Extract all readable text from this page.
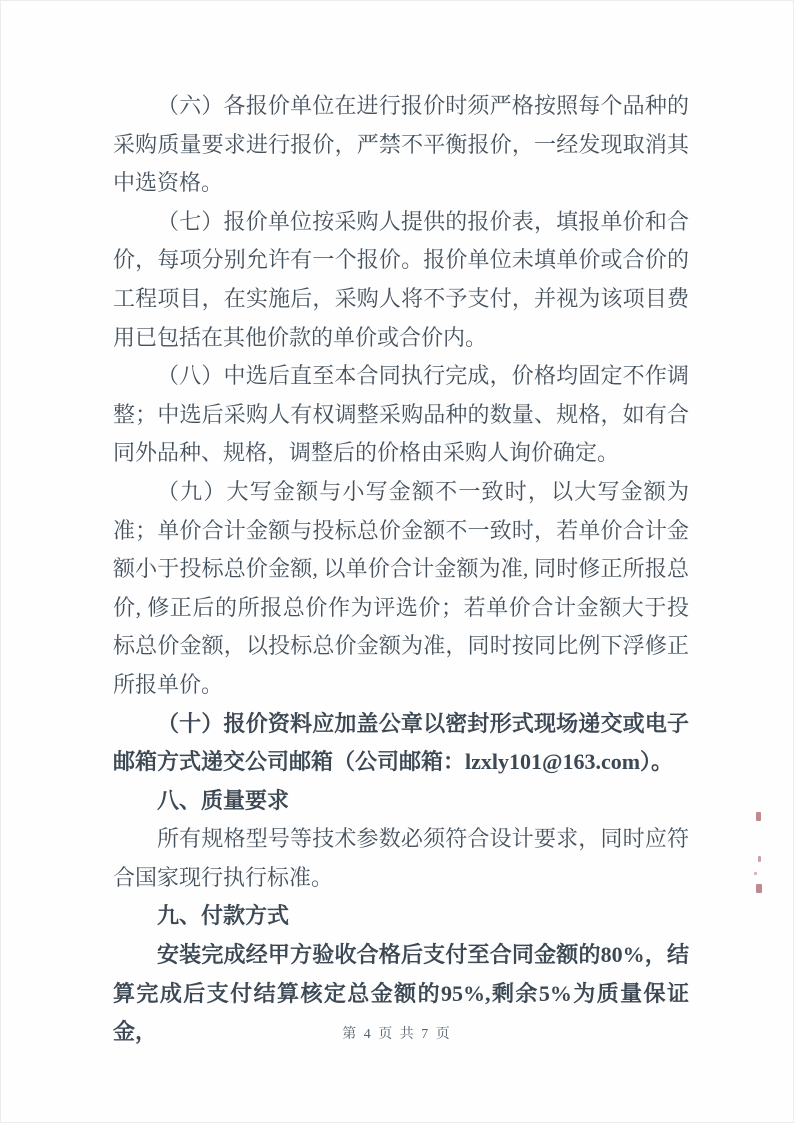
（六）各报价单位在进行报价时须严格按照每个品种的采购质量要求进行报价，严禁不平衡报价，一经发现取消其中选资格。

（七）报价单位按采购人提供的报价表，填报单价和合价，每项分别允许有一个报价。报价单位未填单价或合价的工程项目，在实施后，采购人将不予支付，并视为该项目费用已包括在其他价款的单价或合价内。

（八）中选后直至本合同执行完成，价格均固定不作调整；中选后采购人有权调整采购品种的数量、规格，如有合同外品种、规格，调整后的价格由采购人询价确定。

（九）大写金额与小写金额不一致时，以大写金额为准；单价合计金额与投标总价金额不一致时，若单价合计金额小于投标总价金额, 以单价合计金额为准, 同时修正所报总价, 修正后的所报总价作为评选价；若单价合计金额大于投标总价金额，以投标总价金额为准，同时按同比例下浮修正所报单价。

（十）报价资料应加盖公章以密封形式现场递交或电子邮箱方式递交公司邮箱（公司邮箱：lzxly101@163.com）。

八、质量要求

所有规格型号等技术参数必须符合设计要求，同时应符合国家现行执行标准。

九、付款方式

安装完成经甲方验收合格后支付至合同金额的80%，结算完成后支付结算核定总金额的95%,剩余5%为质量保证金，	第 4 页 共 7 页
